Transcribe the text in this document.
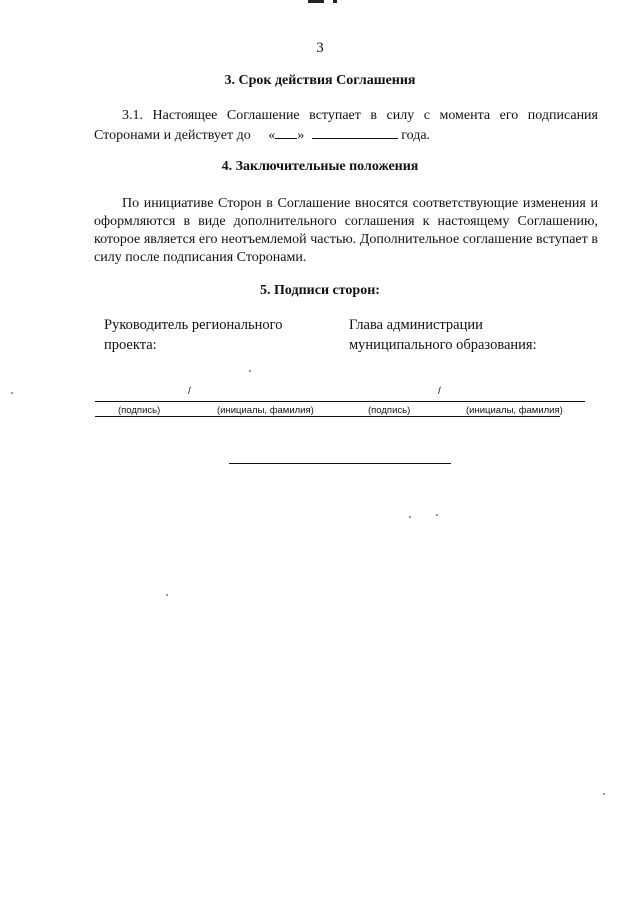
3
3. Срок действия Соглашения
3.1. Настоящее Соглашение вступает в силу с момента его подписания Сторонами и действует до « »	года.
4. Заключительные положения
По инициативе Сторон в Соглашение вносятся соответствующие изменения и оформляются в виде дополнительного соглашения к настоящему Соглашению, которое является его неотъемлемой частью. Дополнительное соглашение вступает в силу после подписания Сторонами.
5. Подписи сторон:
Руководитель регионального
проекта:
Глава администрации
муниципального образования:
/	/
(подпись)	(инициалы, фамилия)	(подпись)	(инициалы, фамилия)
